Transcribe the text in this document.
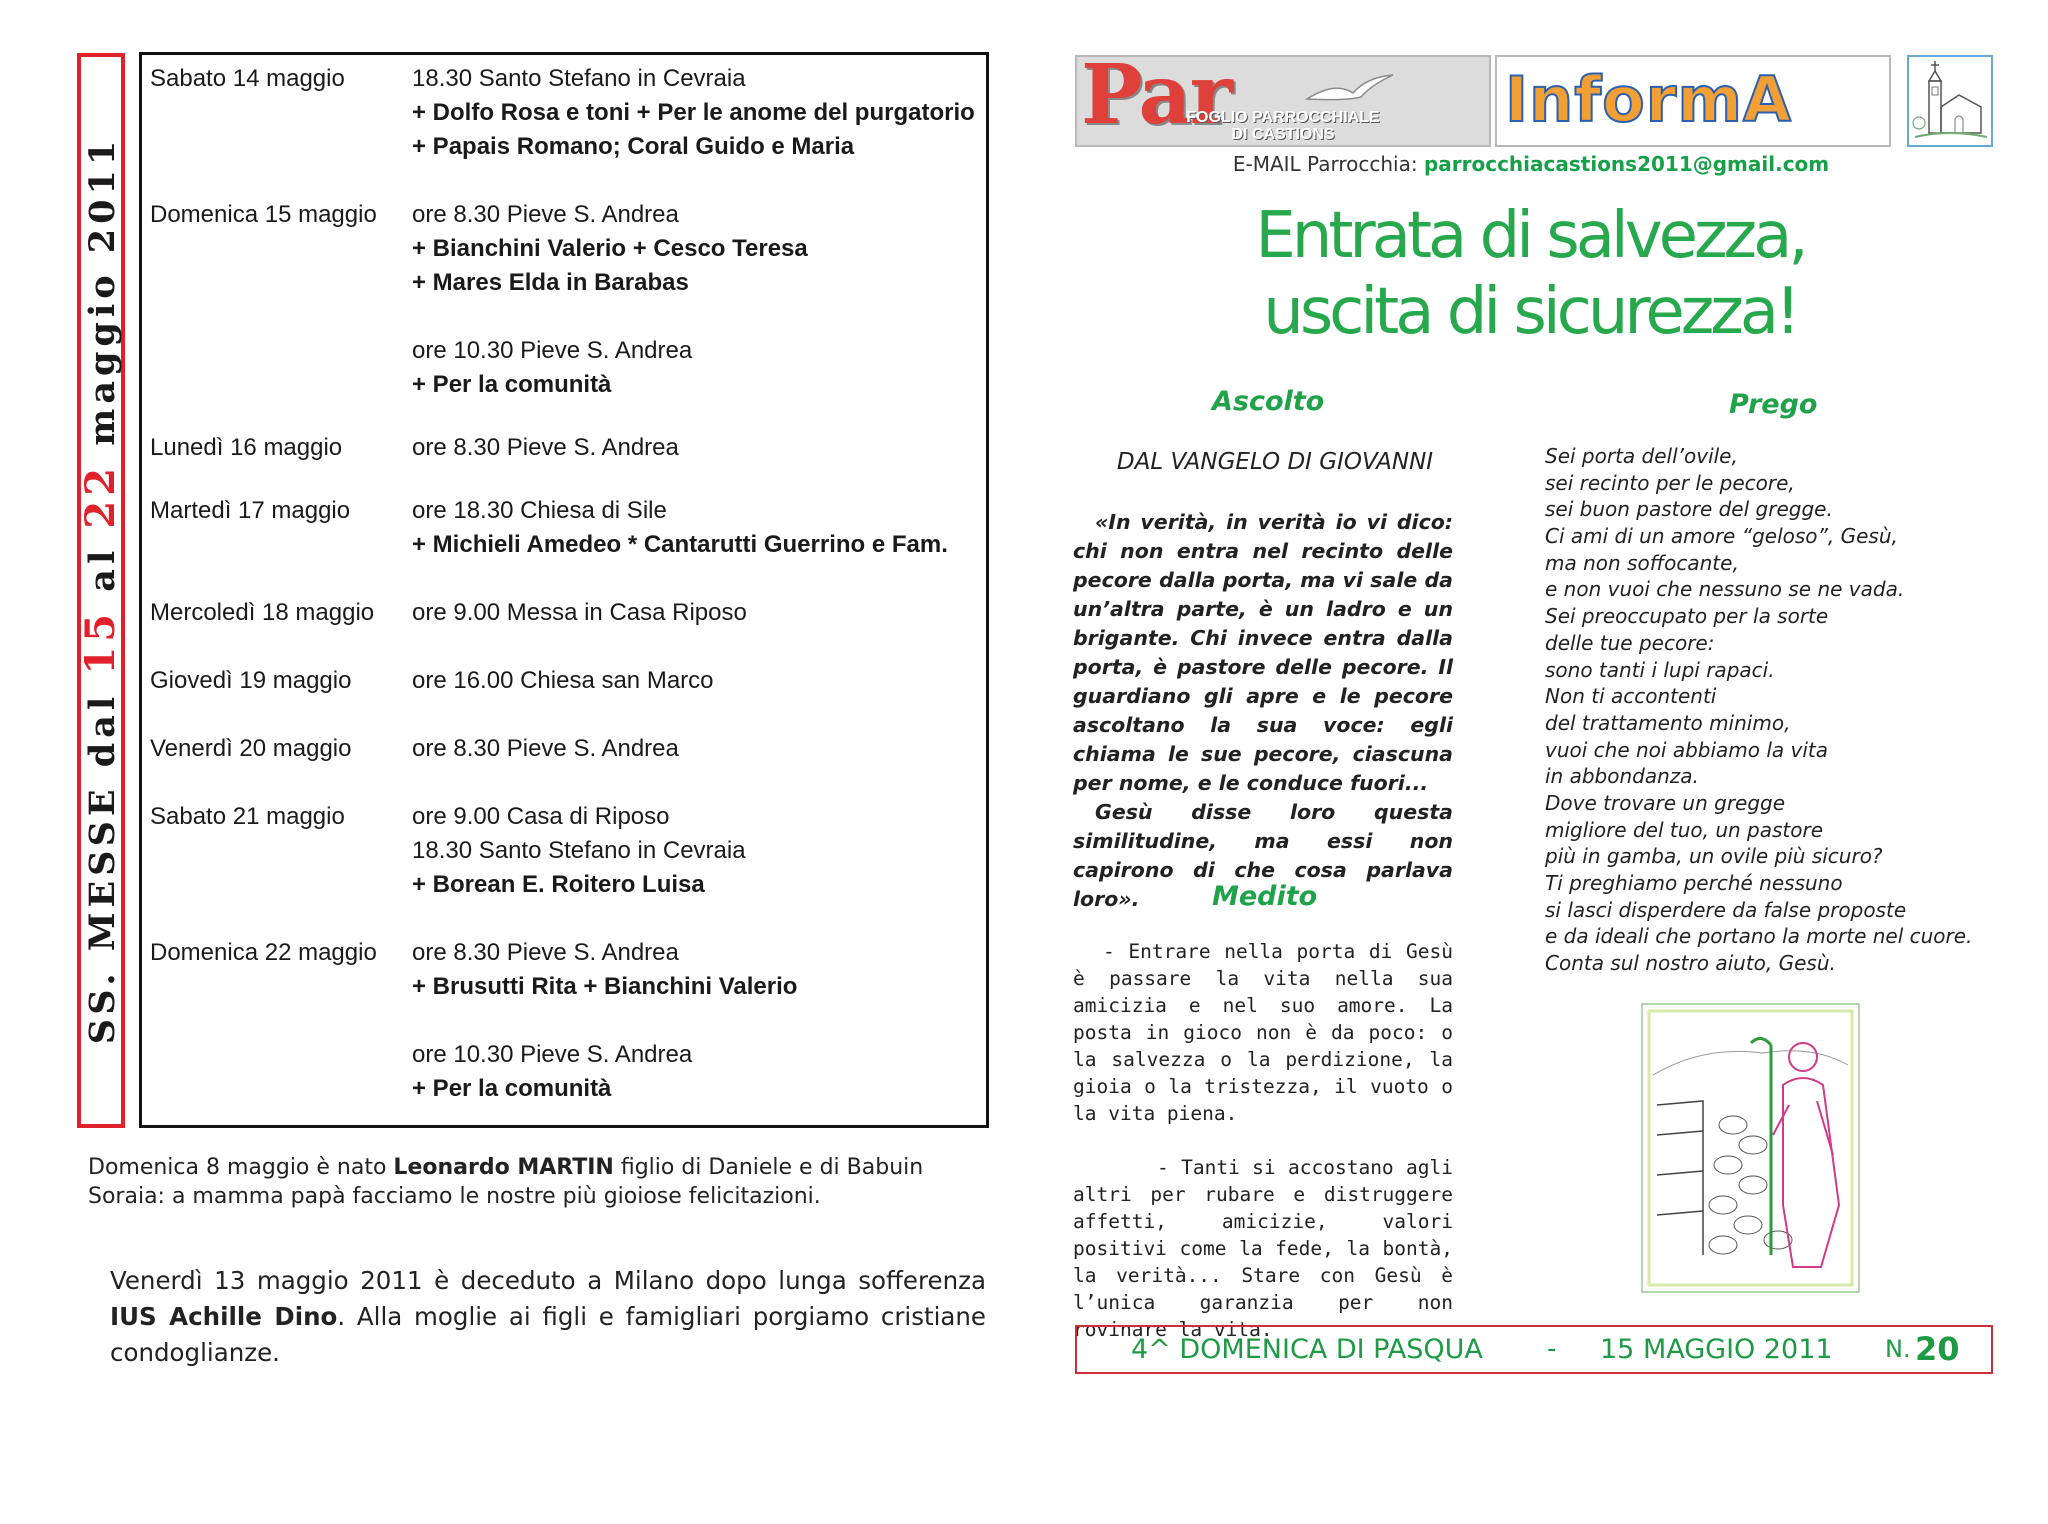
SS. MESSE dal 15 al 22 maggio 2011
Sabato 14 maggio	18.30 Santo Stefano in Cevraia
+ Dolfo Rosa e toni + Per le anome del purgatorio
+ Papais Romano; Coral Guido e Maria
Domenica 15 maggio	ore 8.30 Pieve S. Andrea
+ Bianchini Valerio + Cesco Teresa
+ Mares Elda in Barabas
ore 10.30 Pieve S. Andrea
+ Per la comunità
Lunedì 16 maggio	ore 8.30 Pieve S. Andrea
Martedì 17 maggio	ore 18.30 Chiesa di Sile
+ Michieli Amedeo * Cantarutti Guerrino e Fam.
Mercoledì 18 maggio	ore 9.00 Messa in Casa Riposo
Giovedì 19 maggio	ore 16.00 Chiesa san Marco
Venerdì 20 maggio	ore 8.30 Pieve S. Andrea
Sabato 21 maggio	ore 9.00 Casa di Riposo
18.30 Santo Stefano in Cevraia
+ Borean E. Roitero Luisa
Domenica 22 maggio	ore 8.30 Pieve S. Andrea
+ Brusutti Rita + Bianchini Valerio
ore 10.30 Pieve S. Andrea
+ Per la comunità
Domenica 8 maggio è nato Leonardo MARTIN figlio di Daniele e di Babuin Soraia: a mamma papà facciamo le nostre più gioiose felicitazioni.
Venerdì 13 maggio 2011 è deceduto a Milano dopo lunga sofferenza IUS Achille Dino. Alla moglie ai figli e famigliari porgiamo cristiane condoglianze.
Par
FOGLIO PARROCCHIALE
DI CASTIONS	InformA
E-MAIL Parrocchia: parrocchiacastions2011@gmail.com
Entrata di salvezza,
uscita di sicurezza!
Ascolto
DAL VANGELO DI GIOVANNI

«In verità, in verità io vi dico: chi non entra nel recinto delle pecore dalla porta, ma vi sale da un’altra parte, è un ladro e un brigante. Chi invece entra dalla porta, è pastore delle pecore. Il guardiano gli apre e le pecore ascoltano la sua voce: egli chiama le sue pecore, ciascuna per nome, e le conduce fuori...

Gesù disse loro questa similitudine, ma essi non capirono di che cosa parlava loro».	Medito

- Entrare nella porta di Gesù è passare la vita nella sua amicizia e nel suo amore. La posta in gioco non è da poco: o la salvezza o la perdizione, la gioia o la tristezza, il vuoto o la vita piena.

- Tanti si accostano agli altri per rubare e distruggere affetti, amicizie, valori positivi come la fede, la bontà, la verità... Stare con Gesù è l’unica garanzia per non rovinare la vita.

Prego
Sei porta dell’ovile,
sei recinto per le pecore,
sei buon pastore del gregge.
Ci ami di un amore “geloso”, Gesù,
ma non soffocante,
e non vuoi che nessuno se ne vada.
Sei preoccupato per la sorte
delle tue pecore:
sono tanti i lupi rapaci.
Non ti accontenti
del trattamento minimo,
vuoi che noi abbiamo la vita
in abbondanza.
Dove trovare un gregge
migliore del tuo, un pastore
più in gamba, un ovile più sicuro?
Ti preghiamo perché nessuno
si lasci disperdere da false proposte
e da ideali che portano la morte nel cuore.
Conta sul nostro aiuto, Gesù.
4^ DOMENICA DI PASQUA - 15 MAGGIO 2011 N. 20
